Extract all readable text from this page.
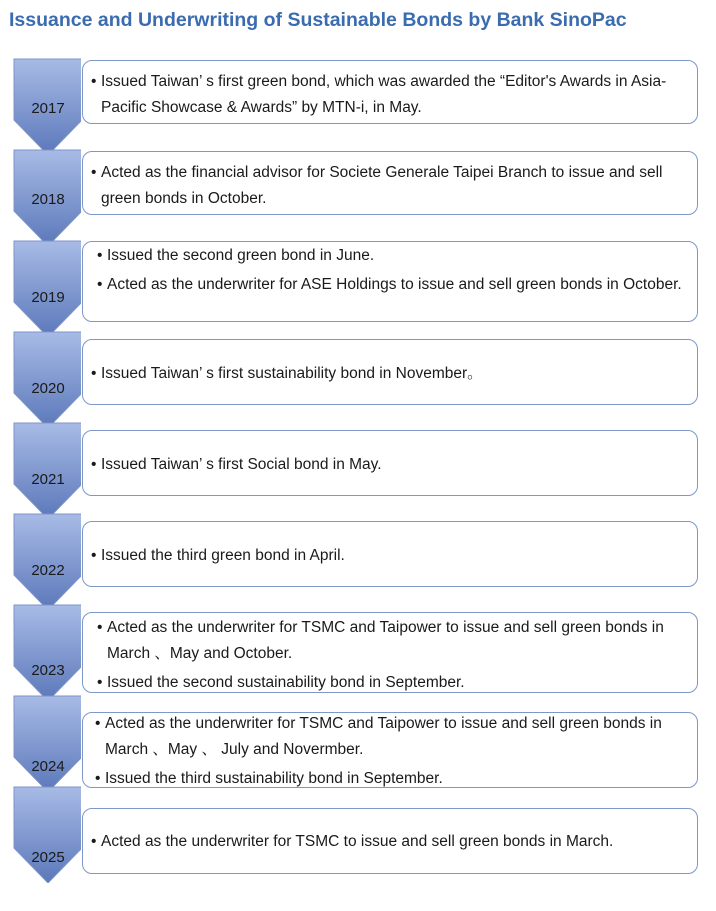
Issuance and Underwriting of Sustainable Bonds by Bank SinoPac
2017
• Issued Taiwan’ s first green bond, which was awarded the “Editor's Awards in Asia-Pacific Showcase & Awards” by MTN-i, in May.
2018
• Acted as the financial advisor for Societe Generale Taipei Branch to issue and sell green bonds in October.
2019
• Issued the second green bond in June.
• Acted as the underwriter for ASE Holdings to issue and sell green bonds in October.
2020
• Issued Taiwan’ s first sustainability bond in November。
2021
• Issued Taiwan’ s first Social bond in May.
2022
• Issued the third green bond in April.
2023
• Acted as the underwriter for TSMC and Taipower to issue and sell green bonds in March 、May and October.
• Issued the second sustainability bond in September.
2024
• Acted as the underwriter for TSMC and Taipower to issue and sell green bonds in March 、May 、 July and Novermber.
• Issued the third sustainability bond in September.
2025
• Acted as the underwriter for TSMC to issue and sell green bonds in March.
